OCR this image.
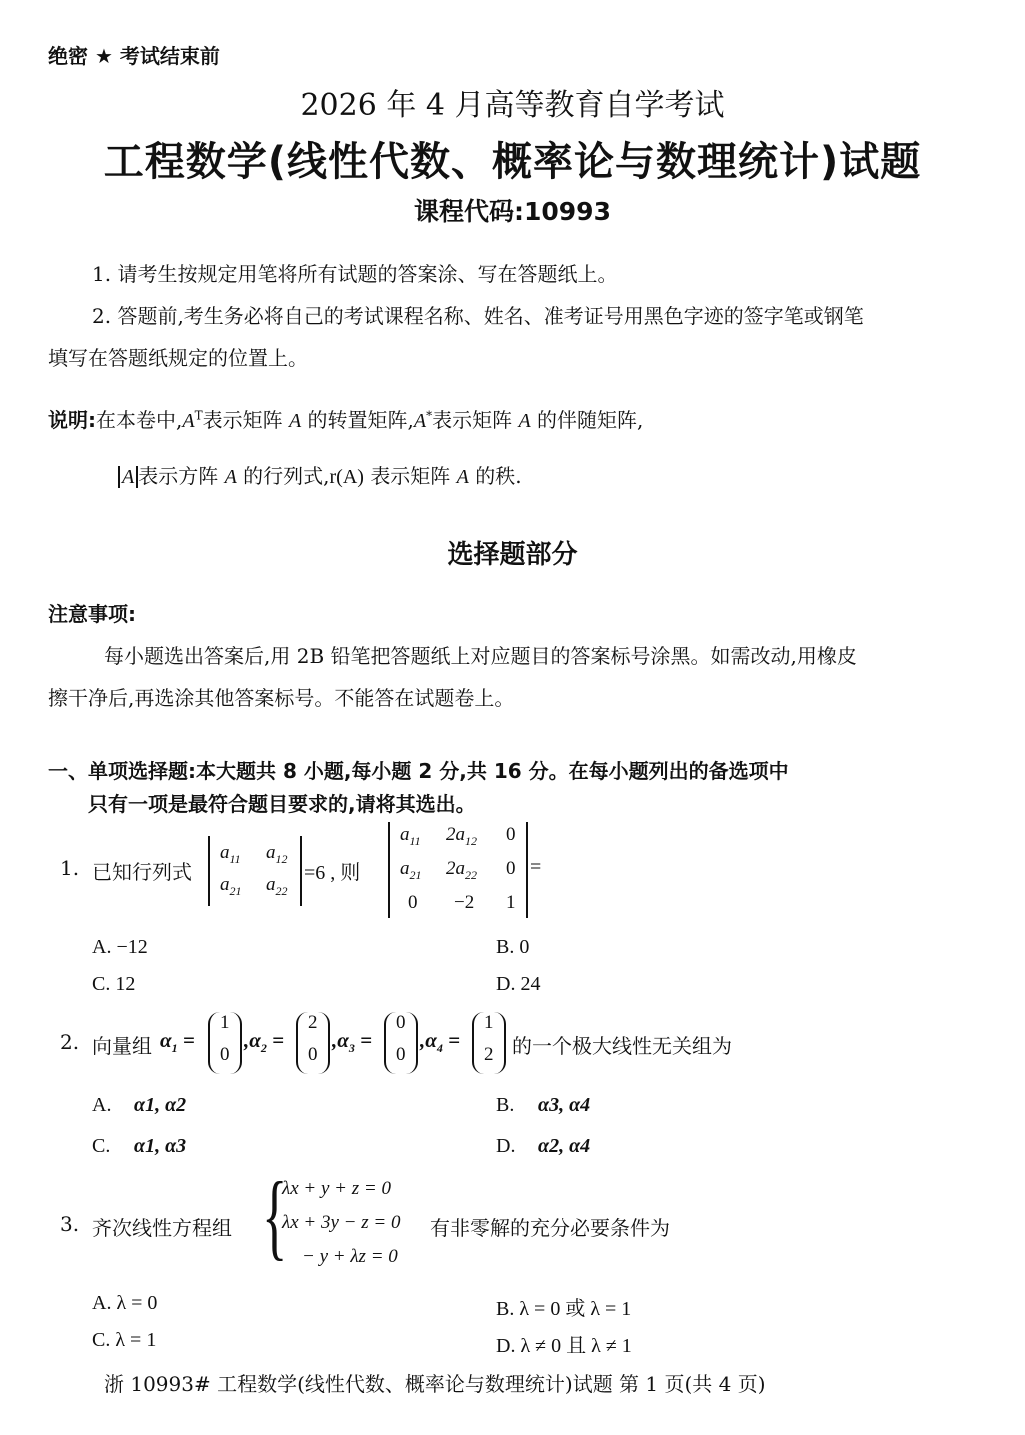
绝密 ★ 考试结束前
2026 年 4 月高等教育自学考试
工程数学(线性代数、概率论与数理统计)试题
课程代码:10993
1. 请考生按规定用笔将所有试题的答案涂、写在答题纸上。
2. 答题前,考生务必将自己的考试课程名称、姓名、准考证号用黑色字迹的签字笔或钢笔
填写在答题纸规定的位置上。
说明:在本卷中$,A^T$表示矩阵 A 的转置矩阵,A*表示矩阵 A 的伴随矩阵,
A 表示方阵 A 的行列式,r(A) 表示矩阵 A 的秩.
选择题部分
注意事项:
每小题选出答案后,用 2B 铅笔把答题纸上对应题目的答案标号涂黑。如需改动,用橡皮
擦干净后,再选涂其他答案标号。不能答在试题卷上。
一、单项选择题:本大题共 8 小题,每小题 2 分,共 16 分。在每小题列出的备选项中
只有一项是最符合题目要求的,请将其选出。
1. 已知行列式
$a_{11}$ $a_{12}$
$a_{21}$ $a_{22}$
=6 , 则
$a_{11}$ $2a_{12}$ 0
$a_{21}$ $2a_{22}$ 0
0 −2 1
=
A. −12	B. 0
C. 12	D. 24
2. 向量组 $\alpha_1$ =
1
0
$,\alpha_2$ =
2
0
$,\alpha_3$ =
0
0
$,\alpha_4$ =
1
2 的一个极大线性无关组为
A. α1, α2	B. α3, α4
C. α1, α3	D. α2, α4
3. 齐次线性方程组 {
λx + y + z = 0
λx + 3y − z = 0
− y + λz = 0
有非零解的充分必要条件为
A. λ = 0	B. λ = 0 或 λ = 1
C. λ = 1	D. λ ≠ 0 且 λ ≠ 1
浙 10993# 工程数学(线性代数、概率论与数理统计)试题 第 1 页(共 4 页)
